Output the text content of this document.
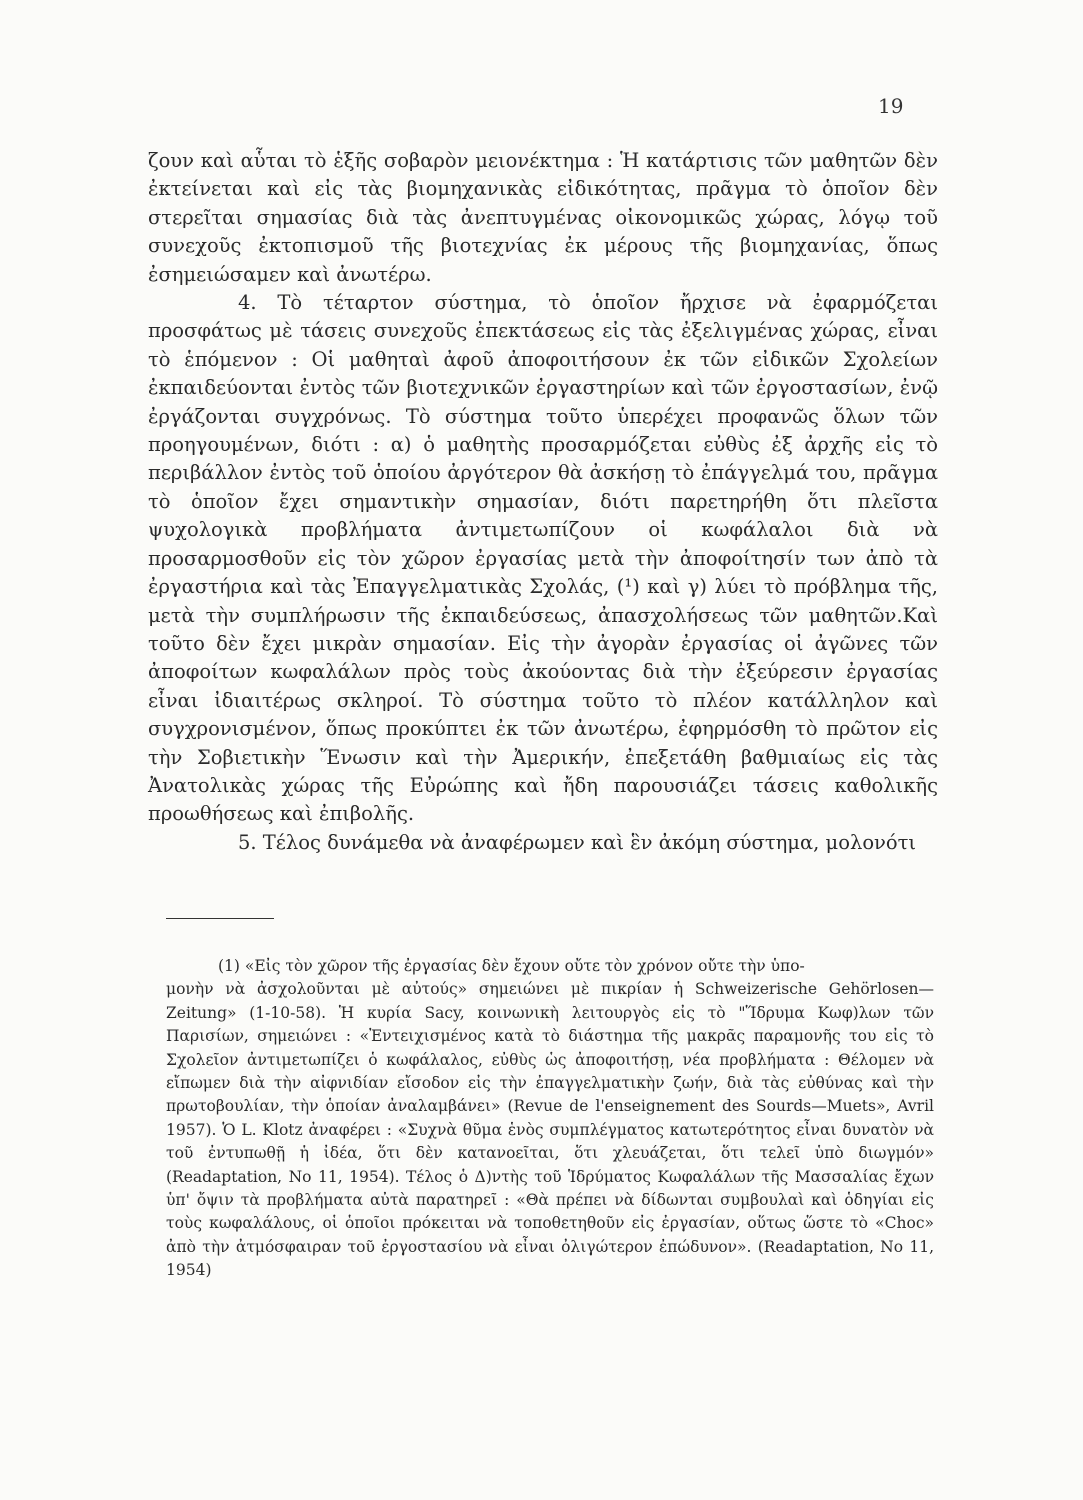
19

ζουν καὶ αὗται τὸ ἑξῆς σοβαρὸν μειονέκτημα : Ἡ κατάρτισις τῶν μαθητῶν δὲν ἐκτείνεται καὶ εἰς τὰς βιομηχανικὰς εἰδικότητας, πρᾶγμα τὸ ὁποῖον δὲν στερεῖται σημασίας διὰ τὰς ἀνεπτυγμένας οἰκονομικῶς χώρας, λόγῳ τοῦ συνεχοῦς ἐκτοπισμοῦ τῆς βιοτεχνίας ἐκ μέρους τῆς βιομηχανίας, ὅπως ἐσημειώσαμεν καὶ ἀνωτέρω.

4. Τὸ τέταρτον σύστημα, τὸ ὁποῖον ἤρχισε νὰ ἐφαρμόζεται προσφάτως μὲ τάσεις συνεχοῦς ἐπεκτάσεως εἰς τὰς ἐξελιγμένας χώρας, εἶναι τὸ ἑπόμενον : Οἱ μαθηταὶ ἀφοῦ ἀποφοιτήσουν ἐκ τῶν εἰδικῶν Σχολείων ἐκπαιδεύονται ἐντὸς τῶν βιοτεχνικῶν ἐργαστηρίων καὶ τῶν ἐργοστασίων, ἐνῷ ἐργάζονται συγχρόνως. Τὸ σύστημα τοῦτο ὑπερέχει προφανῶς ὅλων τῶν προηγουμένων, διότι : α) ὁ μαθητὴς προσαρμόζεται εὐθὺς ἐξ ἀρχῆς εἰς τὸ περιβάλλον ἐντὸς τοῦ ὁποίου ἀργότερον θὰ ἀσκήσῃ τὸ ἐπάγγελμά του, πρᾶγμα τὸ ὁποῖον ἔχει σημαντικὴν σημασίαν, διότι παρετηρήθη ὅτι πλεῖστα ψυχολογικὰ προβλήματα ἀντιμετωπίζουν οἱ κωφάλαλοι διὰ νὰ προσαρμοσθοῦν εἰς τὸν χῶρον ἐργασίας μετὰ τὴν ἀποφοίτησίν των ἀπὸ τὰ ἐργαστήρια καὶ τὰς Ἐπαγγελματικὰς Σχολάς, (¹) καὶ γ) λύει τὸ πρόβλημα τῆς, μετὰ τὴν συμπλήρωσιν τῆς ἐκπαιδεύσεως, ἀπασχολήσεως τῶν μαθητῶν.Καὶ τοῦτο δὲν ἔχει μικρὰν σημασίαν. Εἰς τὴν ἀγορὰν ἐργασίας οἱ ἀγῶνες τῶν ἀποφοίτων κωφαλάλων πρὸς τοὺς ἀκούοντας διὰ τὴν ἐξεύρεσιν ἐργασίας εἶναι ἰδιαιτέρως σκληροί. Τὸ σύστημα τοῦτο τὸ πλέον κατάλληλον καὶ συγχρονισμένον, ὅπως προκύπτει ἐκ τῶν ἀνωτέρω, ἐφηρμόσθη τὸ πρῶτον εἰς τὴν Σοβιετικὴν Ἕνωσιν καὶ τὴν Ἀμερικήν, ἐπεξετάθη βαθμιαίως εἰς τὰς Ἀνατολικὰς χώρας τῆς Εὐρώπης καὶ ἤδη παρουσιάζει τάσεις καθολικῆς προωθήσεως καὶ ἐπιβολῆς.

5. Τέλος δυνάμεθα νὰ ἀναφέρωμεν καὶ ἓν ἀκόμη σύστημα, μολονότι

(1) «Εἰς τὸν χῶρον τῆς ἐργασίας δὲν ἔχουν οὔτε τὸν χρόνον οὔτε τὴν ὑπο-

μονὴν νὰ ἀσχολοῦνται μὲ αὐτούς» σημειώνει μὲ πικρίαν ἡ Schweizerische Gehörlosen—Zeitung» (1-10-58). Ἡ κυρία Sacy, κοινωνικὴ λειτουργὸς εἰς τὸ "Ἵδρυμα Κωφ)λων τῶν Παρισίων, σημειώνει : «Ἐντειχισμένος κατὰ τὸ διάστημα τῆς μακρᾶς παραμονῆς του εἰς τὸ Σχολεῖον ἀντιμετωπίζει ὁ κωφάλαλος, εὐθὺς ὡς ἀποφοιτήσῃ, νέα προβλήματα : Θέλομεν νὰ εἴπωμεν διὰ τὴν αἰφνιδίαν εἴσοδον εἰς τὴν ἐπαγγελματικὴν ζωήν, διὰ τὰς εὐθύνας καὶ τὴν πρωτοβουλίαν, τὴν ὁποίαν ἀναλαμβάνει» (Revue de l'enseignement des Sourds—Muets», Avril 1957). Ὁ L. Klotz ἀναφέρει : «Συχνὰ θῦμα ἑνὸς συμπλέγματος κατωτερότητος εἶναι δυνατὸν νὰ τοῦ ἐντυπωθῇ ἡ ἰδέα, ὅτι δὲν κατανοεῖται, ὅτι χλευάζεται, ὅτι τελεῖ ὑπὸ διωγμόν» (Readaptation, No 11, 1954). Τέλος ὁ Δ)ντὴς τοῦ Ἱδρύματος Κωφαλάλων τῆς Μασσαλίας ἔχων ὑπ' ὄψιν τὰ προβλήματα αὐτὰ παρατηρεῖ : «Θὰ πρέπει νὰ δίδωνται συμβουλαὶ καὶ ὁδηγίαι εἰς τοὺς κωφαλάλους, οἱ ὁποῖοι πρόκειται νὰ τοποθετηθοῦν εἰς ἐργασίαν, οὕτως ὥστε τὸ «Choc» ἀπὸ τὴν ἀτμόσφαιραν τοῦ ἐργοστασίου νὰ εἶναι ὀλιγώτερον ἐπώδυνον». (Readaptation, No 11, 1954)
